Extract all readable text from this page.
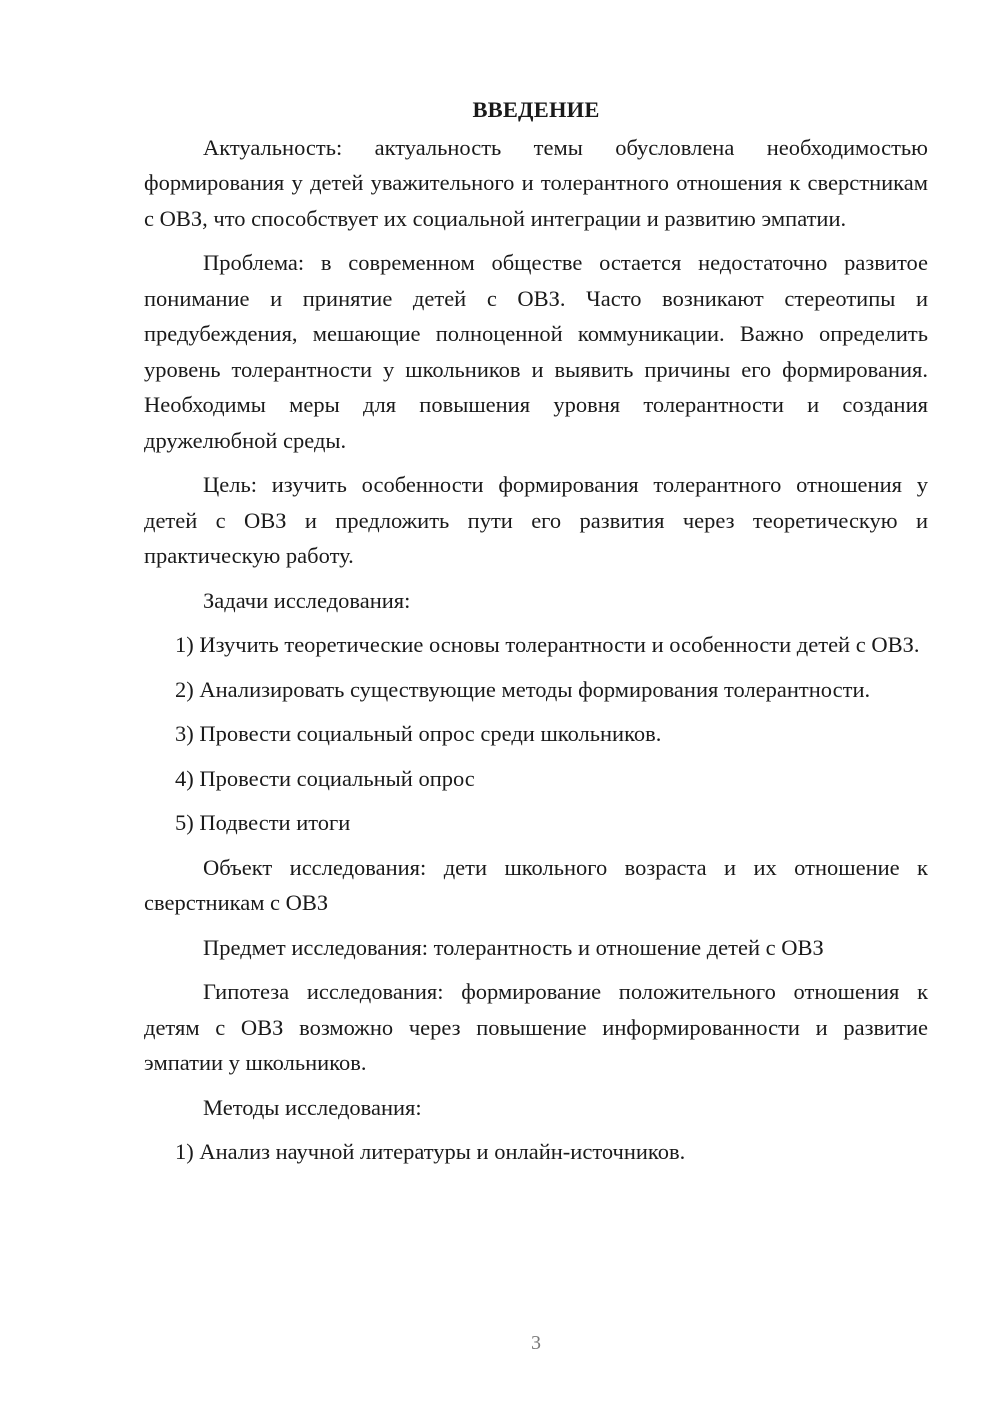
ВВЕДЕНИЕ

Актуальность: актуальность темы обусловлена необходимостью формирования у детей уважительного и толерантного отношения к сверстникам с ОВЗ, что способствует их социальной интеграции и развитию эмпатии.

Проблема: в современном обществе остается недостаточно развитое понимание и принятие детей с ОВЗ. Часто возникают стереотипы и предубеждения, мешающие полноценной коммуникации. Важно определить уровень толерантности у школьников и выявить причины его формирования. Необходимы меры для повышения уровня толерантности и создания дружелюбной среды.

Цель: изучить особенности формирования толерантного отношения у детей с ОВЗ и предложить пути его развития через теоретическую и практическую работу.

Задачи исследования:

1) Изучить теоретические основы толерантности и особенности детей с ОВЗ.

2) Анализировать существующие методы формирования толерантности.

3) Провести социальный опрос среди школьников.

4) Провести социальный опрос

5) Подвести итоги

Объект исследования: дети школьного возраста и их отношение к сверстникам с ОВЗ

Предмет исследования: толерантность и отношение детей с ОВЗ

Гипотеза исследования: формирование положительного отношения к детям с ОВЗ возможно через повышение информированности и развитие эмпатии у школьников.

Методы исследования:

1) Анализ научной литературы и онлайн-источников.

3
